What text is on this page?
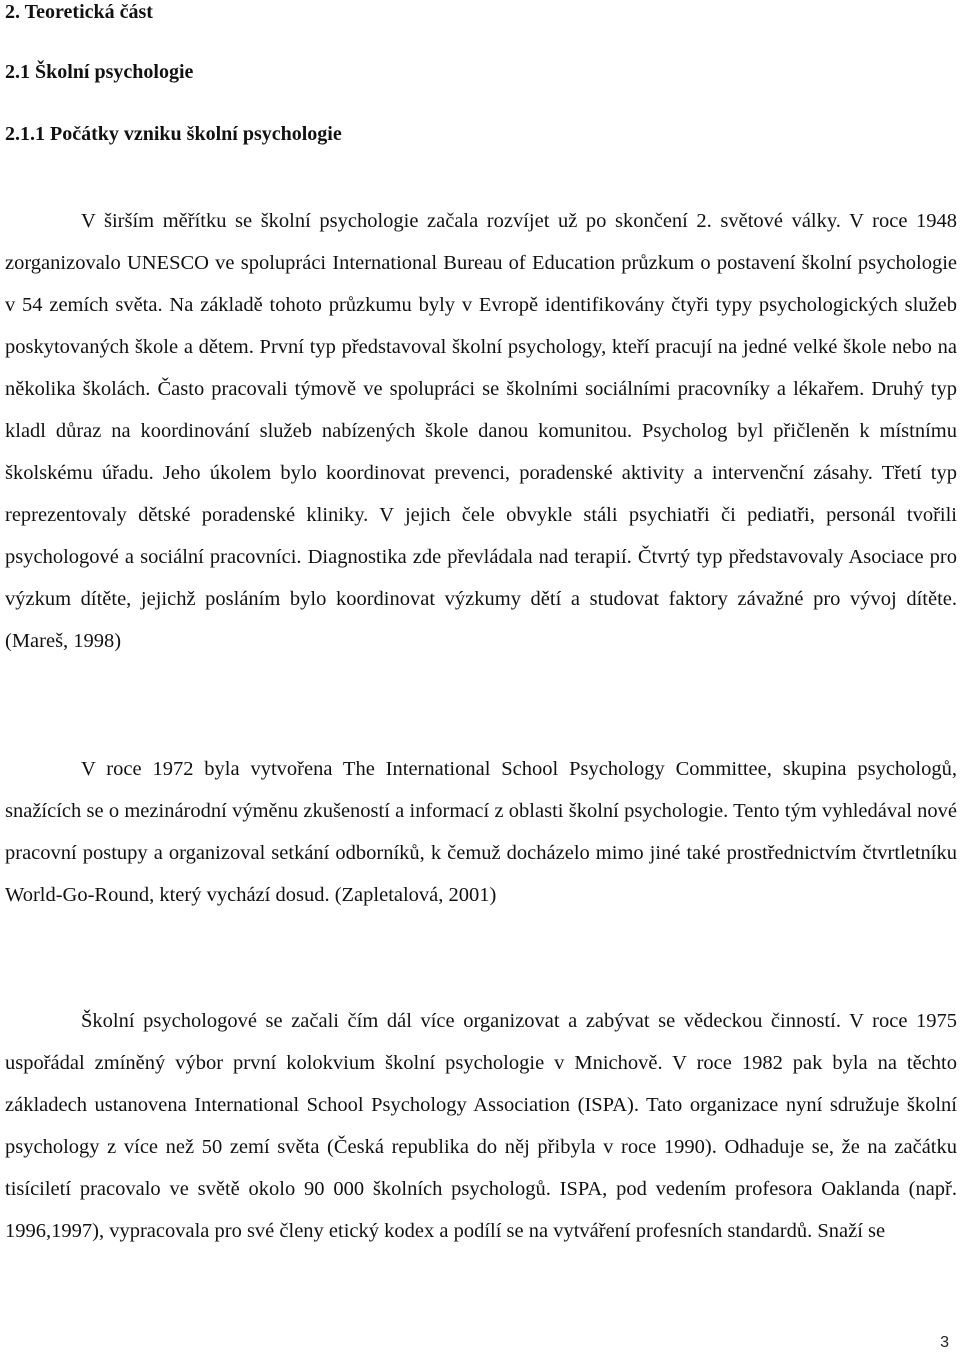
2. Teoretická část
2.1 Školní psychologie
2.1.1 Počátky vzniku školní psychologie

V širším měřítku se školní psychologie začala rozvíjet už po skončení 2. světové války. V roce 1948 zorganizovalo UNESCO ve spolupráci International Bureau of Education průzkum o postavení školní psychologie v 54 zemích světa. Na základě tohoto průzkumu byly v Evropě identifikovány čtyři typy psychologických služeb poskytovaných škole a dětem. První typ představoval školní psychology, kteří pracují na jedné velké škole nebo na několika školách. Často pracovali týmově ve spolupráci se školními sociálními pracovníky a lékařem. Druhý typ kladl důraz na koordinování služeb nabízených škole danou komunitou. Psycholog byl přičleněn k místnímu školskému úřadu. Jeho úkolem bylo koordinovat prevenci, poradenské aktivity a intervenční zásahy. Třetí typ reprezentovaly dětské poradenské kliniky. V jejich čele obvykle stáli psychiatři či pediatři, personál tvořili psychologové a sociální pracovníci. Diagnostika zde převládala nad terapií. Čtvrtý typ představovaly Asociace pro výzkum dítěte, jejichž posláním bylo koordinovat výzkumy dětí a studovat faktory závažné pro vývoj dítěte. (Mareš, 1998)

V roce 1972 byla vytvořena The International School Psychology Committee, skupina psychologů, snažících se o mezinárodní výměnu zkušeností a informací z oblasti školní psychologie. Tento tým vyhledával nové pracovní postupy a organizoval setkání odborníků, k čemuž docházelo mimo jiné také prostřednictvím čtvrtletníku World-Go-Round, který vychází dosud. (Zapletalová, 2001)

Školní psychologové se začali čím dál více organizovat a zabývat se vědeckou činností. V roce 1975 uspořádal zmíněný výbor první kolokvium školní psychologie v Mnichově. V roce 1982 pak byla na těchto základech ustanovena International School Psychology Association (ISPA). Tato organizace nyní sdružuje školní psychology z více než 50 zemí světa (Česká republika do něj přibyla v roce 1990). Odhaduje se, že na začátku tisíciletí pracovalo ve světě okolo 90 000 školních psychologů. ISPA, pod vedením profesora Oaklanda (např. 1996,1997), vypracovala pro své členy etický kodex a podílí se na vytváření profesních standardů. Snaží se

3
